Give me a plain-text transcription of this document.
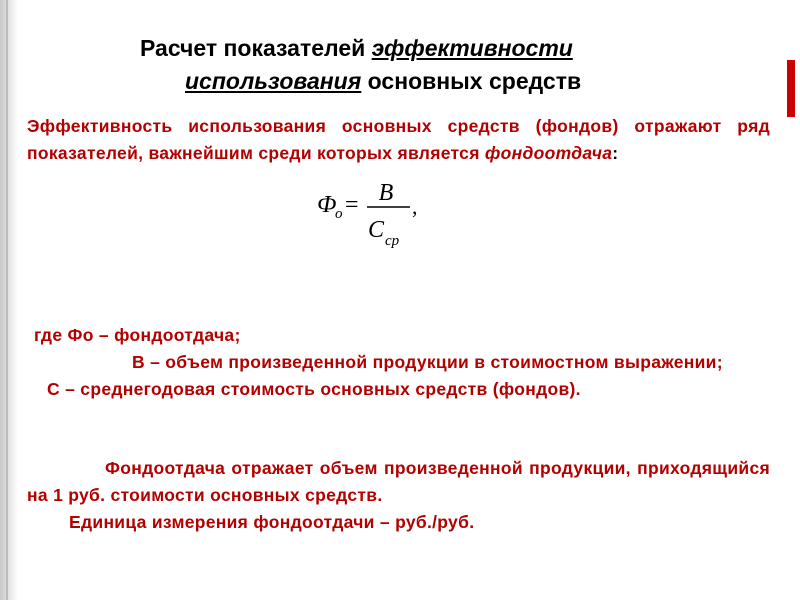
Расчет показателей эффективности
использования основных средств
Эффективность использования основных средств (фондов) отражают ряд показателей, важнейшим среди которых является фондоотдача:
Ф
о = В
С ср
,
где Фо – фондоотдача;
В – объем произведенной продукции в стоимостном выражении;
С – среднегодовая стоимость основных средств (фондов).
Фондоотдача отражает объем произведенной продукции, приходящийся на 1 руб. стоимости основных средств.
Единица измерения фондоотдачи – руб./руб.
